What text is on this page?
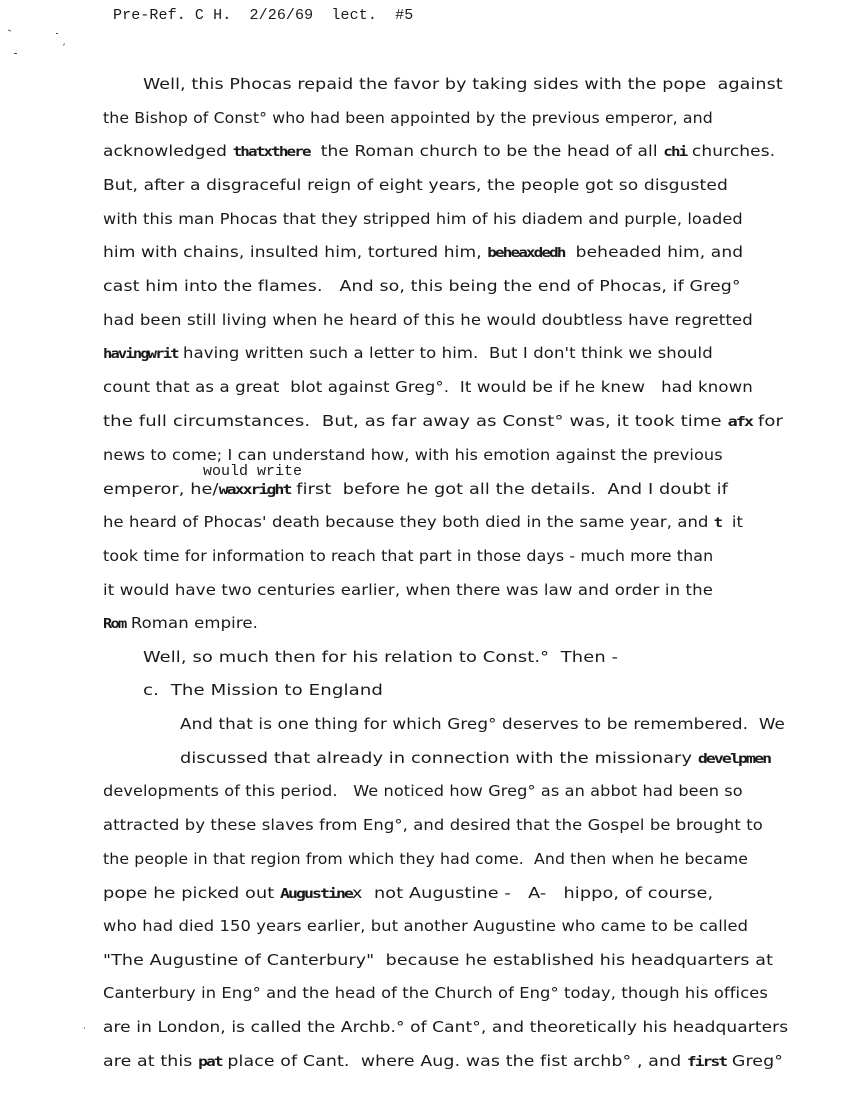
Pre-Ref. C H.  2/26/69  lect.  #5
Well, this Phocas repaid the favor by taking sides with the pope  against
the Bishop of Const° who had been appointed by the previous emperor, and
acknowledged thatxthere  the Roman church to be the head of all chi churches.
But, after a disgraceful reign of eight years, the people got so disgusted
with this man Phocas that they stripped him of his diadem and purple, loaded
him with chains, insulted him, tortured him, beheaxdedh  beheaded him, and
cast him into the flames.   And so, this being the end of Phocas, if Greg°
had been still living when he heard of this he would doubtless have regretted
havingwrit having written such a letter to him.  But I don't think we should
count that as a great  blot against Greg°.  It would be if he knew   had known
the full circumstances.  But, as far away as Const° was, it took time afx for
news to come; I can understand how, with his emotion against the previous
emperor, he/waxxright first  before he got all the details.  And I doubt if
he heard of Phocas' death because they both died in the same year, and t  it
took time for information to reach that part in those days - much more than
it would have two centuries earlier, when there was law and order in the
Rom Roman empire.
Well, so much then for his relation to Const.°  Then -
c.  The Mission to England
And that is one thing for which Greg° deserves to be remembered.  We
discussed that already in connection with the missionary develpmen
developments of this period.   We noticed how Greg° as an abbot had been so
attracted by these slaves from Eng°, and desired that the Gospel be brought to
the people in that region from which they had come.  And then when he became
pope he picked out Augustinex  not Augustine -   A-   hippo, of course,
who had died 150 years earlier, but another Augustine who came to be called
"The Augustine of Canterbury"  because he established his headquarters at
Canterbury in Eng° and the head of the Church of Eng° today, though his offices
are in London, is called the Archb.° of Cant°, and theoretically his headquarters
are at this pat place of Cant.  where Aug. was the fist archb° , and first Greg°
would write
